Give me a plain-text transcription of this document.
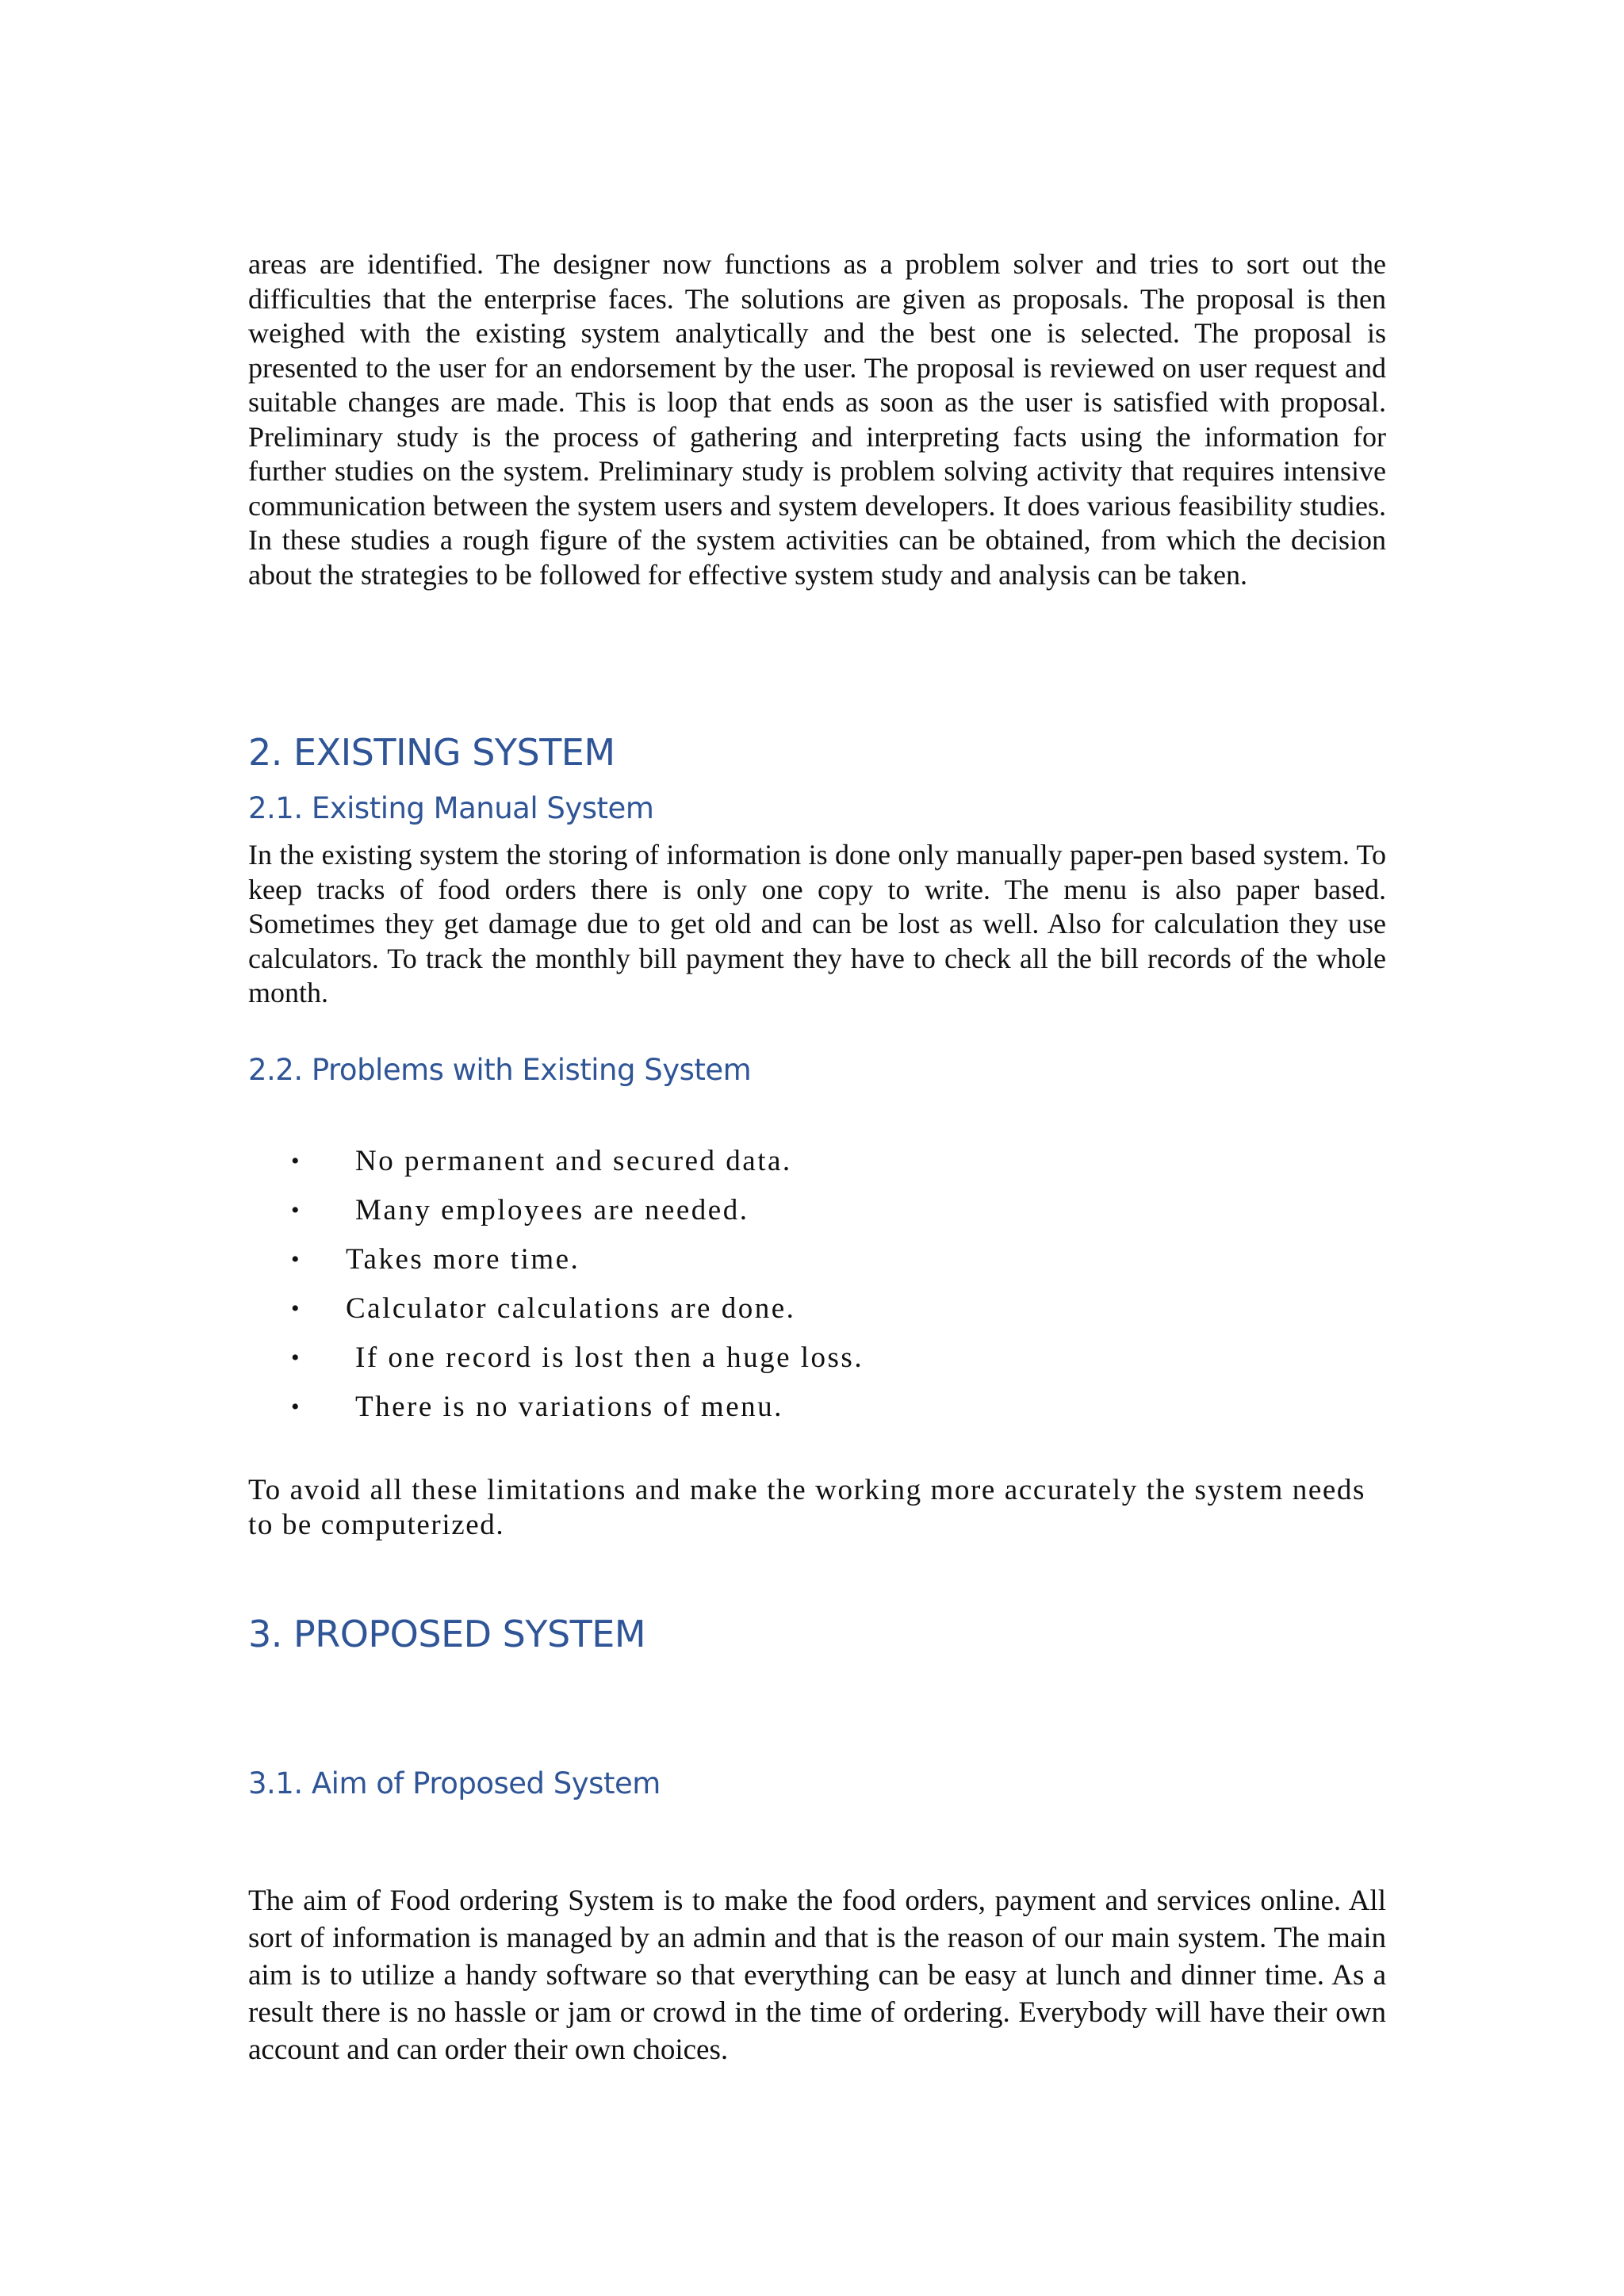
areas are identified. The designer now functions as a problem solver and tries to sort out the difficulties that the enterprise faces. The solutions are given as proposals. The proposal is then weighed with the existing system analytically and the best one is selected. The proposal is presented to the user for an endorsement by the user. The proposal is reviewed on user request and suitable changes are made. This is loop that ends as soon as the user is satisfied with proposal. Preliminary study is the process of gathering and interpreting facts using the information for further studies on the system. Preliminary study is problem solving activity that requires intensive communication between the system users and system developers. It does various feasibility studies. In these studies a rough figure of the system activities can be obtained, from which the decision about the strategies to be followed for effective system study and analysis can be taken.

2. EXISTING SYSTEM
2.1. Existing Manual System

In the existing system the storing of information is done only manually paper-pen based system. To keep tracks of food orders there is only one copy to write. The menu is also paper based. Sometimes they get damage due to get old and can be lost as well. Also for calculation they use calculators. To track the monthly bill payment they have to check all the bill records of the whole month.

2.2. Problems with Existing System
• No permanent and secured data.
• Many employees are needed.
• Takes more time.
• Calculator calculations are done.
• If one record is lost then a huge loss.
• There is no variations of menu.

To avoid all these limitations and make the working more accurately the system needs

to be computerized.

3. PROPOSED SYSTEM
3.1. Aim of Proposed System

The aim of Food ordering System is to make the food orders, payment and services online. All sort of information is managed by an admin and that is the reason of our main system. The main aim is to utilize a handy software so that everything can be easy at lunch and dinner time. As a result there is no hassle or jam or crowd in the time of ordering. Everybody will have their own account and can order their own choices.
